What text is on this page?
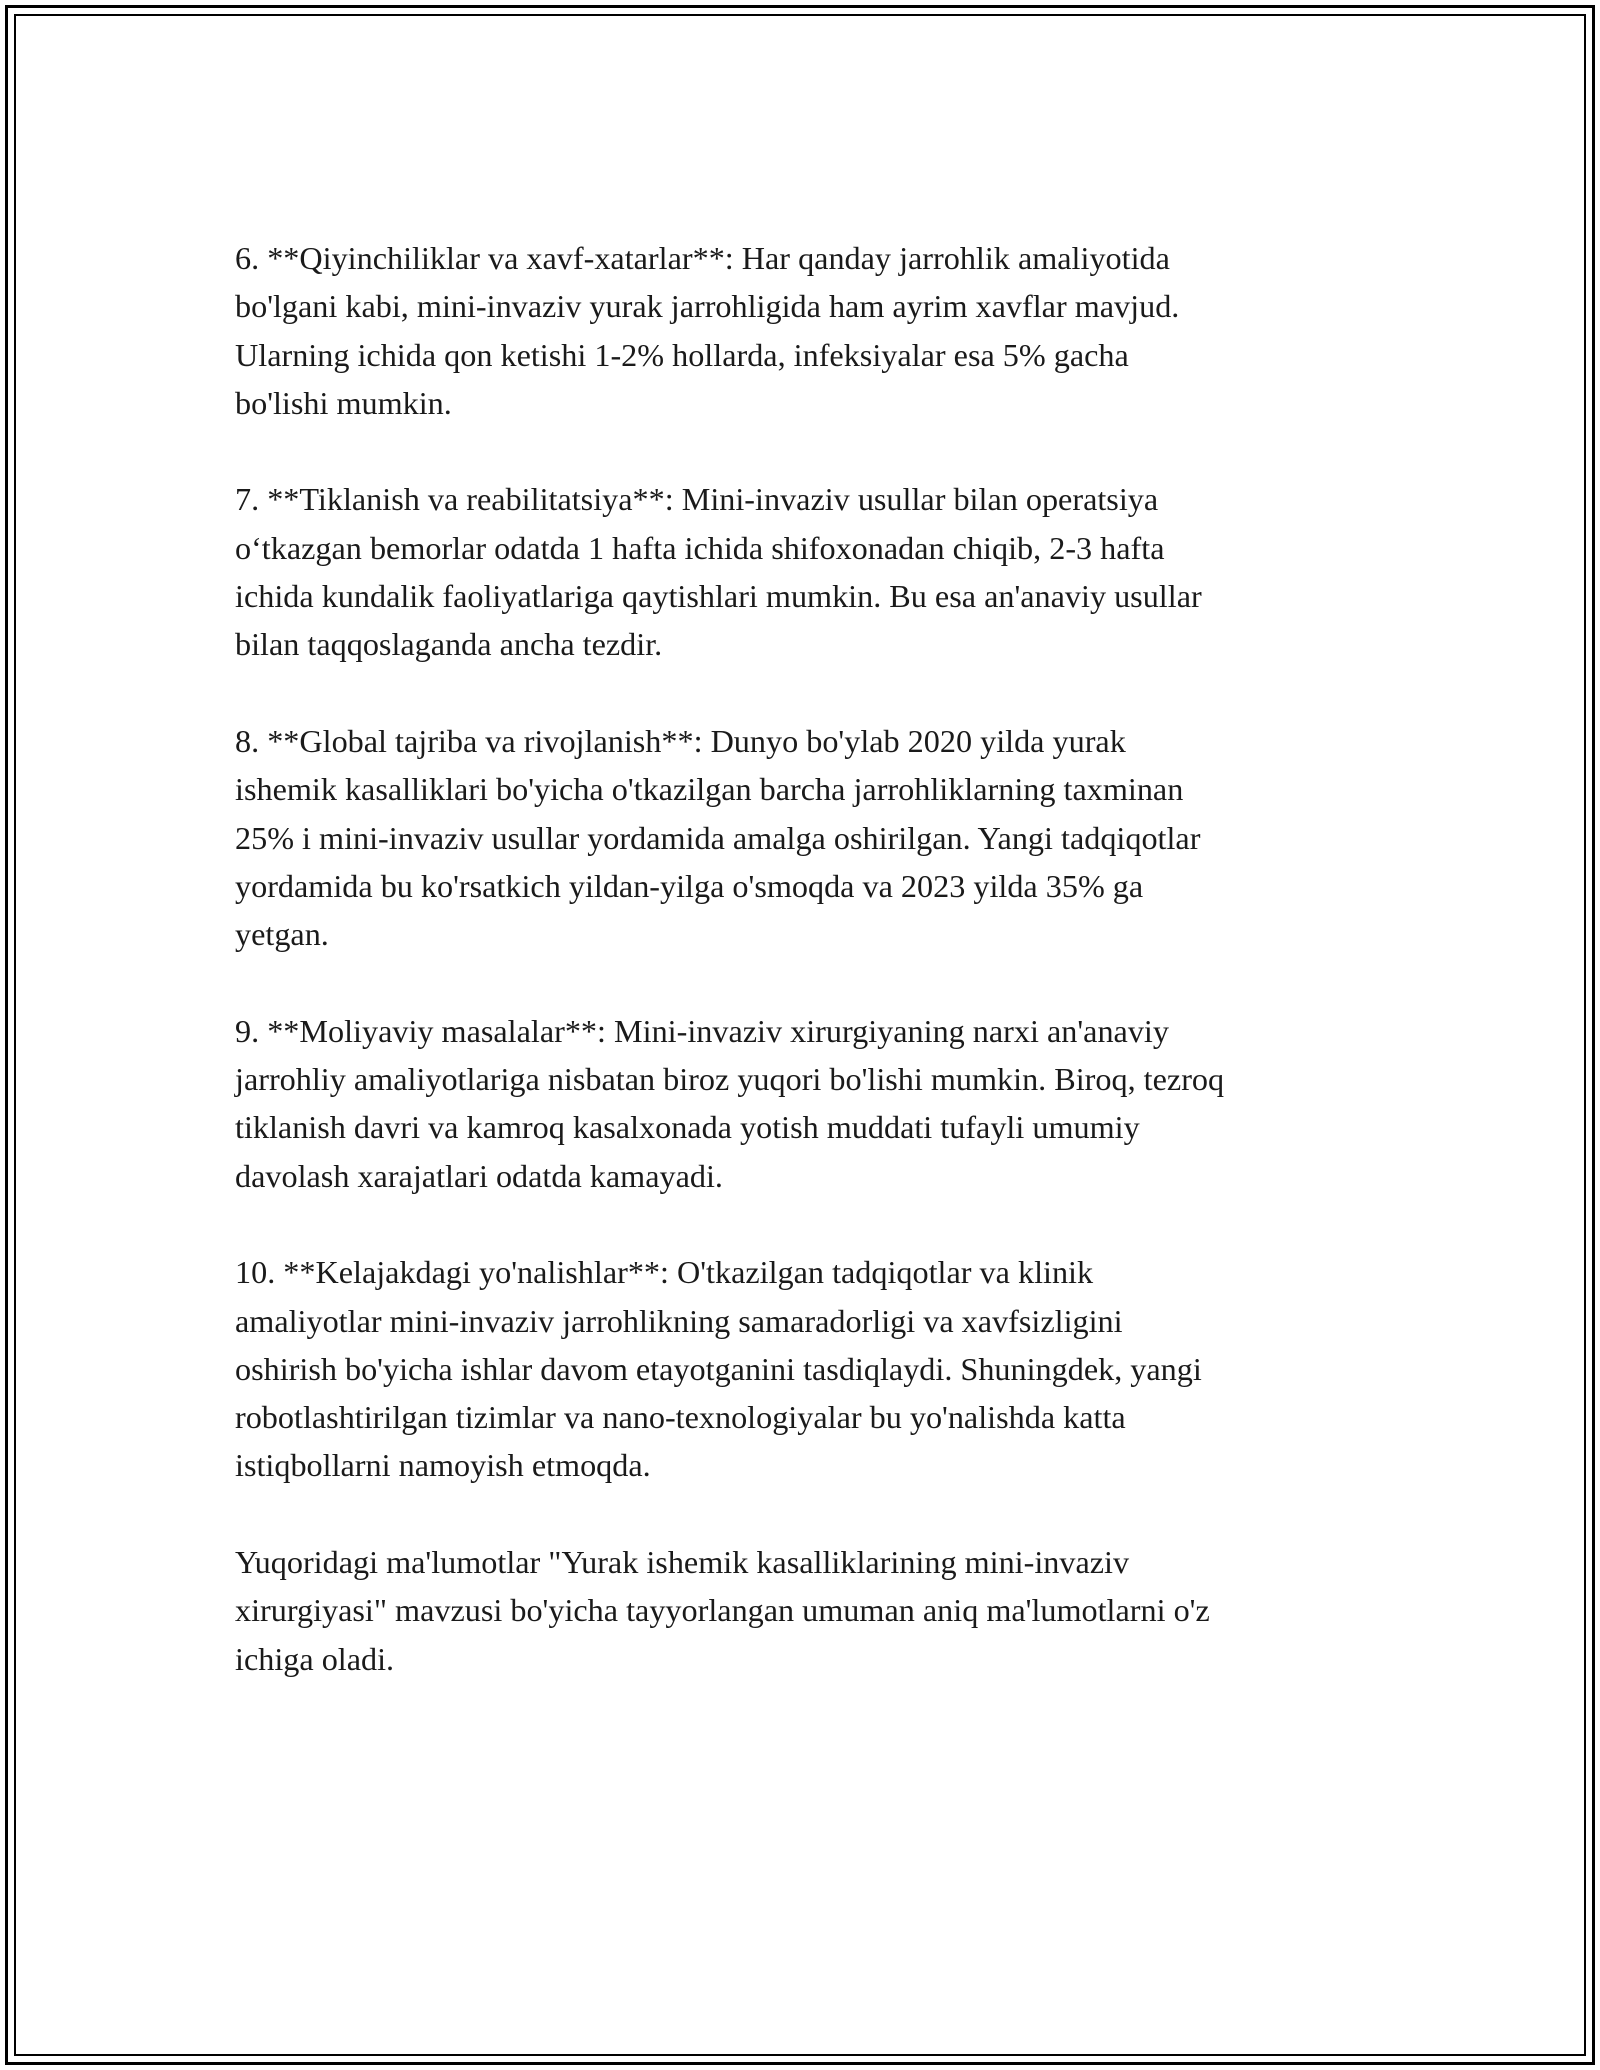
6. **Qiyinchiliklar va xavf-xatarlar**: Har qanday jarrohlik amaliyotida
bo'lgani kabi, mini-invaziv yurak jarrohligida ham ayrim xavflar mavjud.
Ularning ichida qon ketishi 1-2% hollarda, infeksiyalar esa 5% gacha
bo'lishi mumkin.

7. **Tiklanish va reabilitatsiya**: Mini-invaziv usullar bilan operatsiya
o‘tkazgan bemorlar odatda 1 hafta ichida shifoxonadan chiqib, 2-3 hafta
ichida kundalik faoliyatlariga qaytishlari mumkin. Bu esa an'anaviy usullar
bilan taqqoslaganda ancha tezdir.

8. **Global tajriba va rivojlanish**: Dunyo bo'ylab 2020 yilda yurak
ishemik kasalliklari bo'yicha o'tkazilgan barcha jarrohliklarning taxminan
25% i mini-invaziv usullar yordamida amalga oshirilgan. Yangi tadqiqotlar
yordamida bu ko'rsatkich yildan-yilga o'smoqda va 2023 yilda 35% ga
yetgan.

9. **Moliyaviy masalalar**: Mini-invaziv xirurgiyaning narxi an'anaviy
jarrohliy amaliyotlariga nisbatan biroz yuqori bo'lishi mumkin. Biroq, tezroq
tiklanish davri va kamroq kasalxonada yotish muddati tufayli umumiy
davolash xarajatlari odatda kamayadi.

10. **Kelajakdagi yo'nalishlar**: O'tkazilgan tadqiqotlar va klinik
amaliyotlar mini-invaziv jarrohlikning samaradorligi va xavfsizligini
oshirish bo'yicha ishlar davom etayotganini tasdiqlaydi. Shuningdek, yangi
robotlashtirilgan tizimlar va nano-texnologiyalar bu yo'nalishda katta
istiqbollarni namoyish etmoqda.

Yuqoridagi ma'lumotlar "Yurak ishemik kasalliklarining mini-invaziv
xirurgiyasi" mavzusi bo'yicha tayyorlangan umuman aniq ma'lumotlarni o'z
ichiga oladi.
